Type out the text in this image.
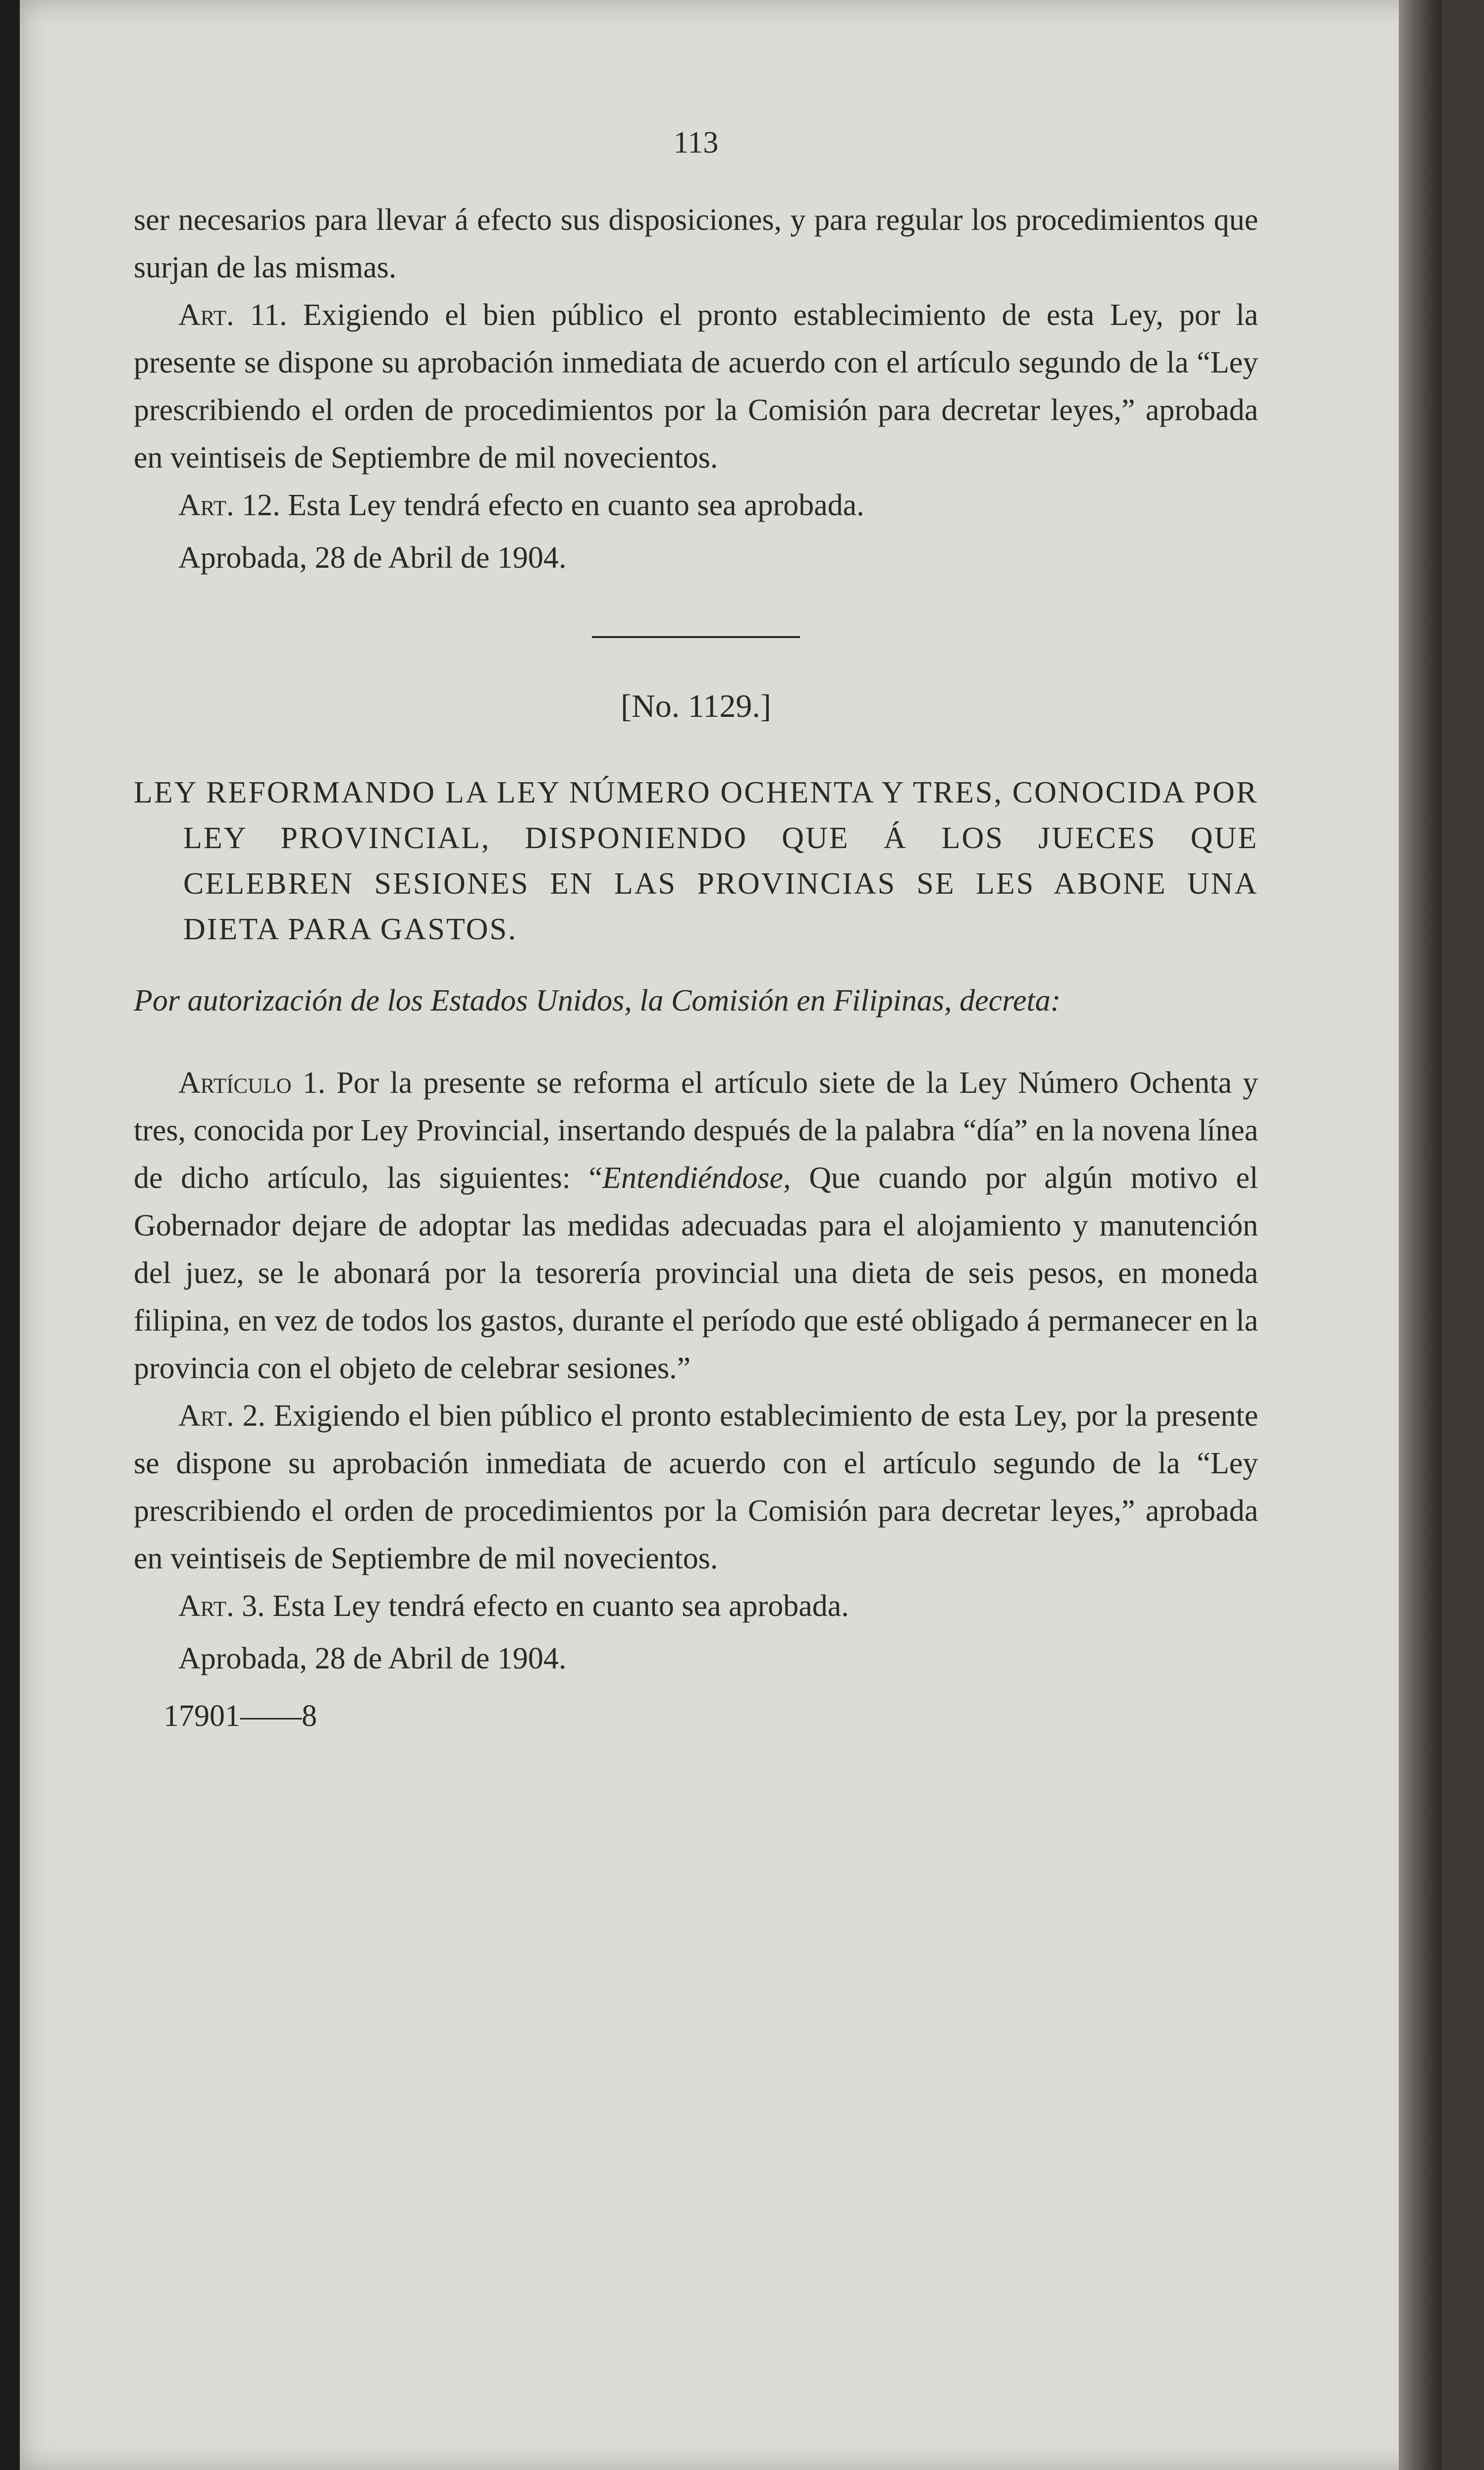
113

ser necesarios para llevar á efecto sus disposiciones, y para regular los procedimientos que surjan de las mismas.

Art. 11. Exigiendo el bien público el pronto establecimiento de esta Ley, por la presente se dispone su aprobación inmediata de acuerdo con el artículo segundo de la “Ley prescribiendo el orden de procedimientos por la Comisión para decretar leyes,” aprobada en veintiseis de Septiembre de mil novecientos.

Art. 12. Esta Ley tendrá efecto en cuanto sea aprobada.

Aprobada, 28 de Abril de 1904.

[No. 1129.]

LEY REFORMANDO LA LEY NÚMERO OCHENTA Y TRES, CONOCIDA POR LEY PROVINCIAL, DISPONIENDO QUE Á LOS JUECES QUE CELEBREN SESIONES EN LAS PROVINCIAS SE LES ABONE UNA DIETA PARA GASTOS.

Por autorización de los Estados Unidos, la Comisión en Filipinas, decreta:

Artículo 1. Por la presente se reforma el artículo siete de la Ley Número Ochenta y tres, conocida por Ley Provincial, insertando después de la palabra “día” en la novena línea de dicho artículo, las siguientes: “Entendiéndose, Que cuando por algún motivo el Gobernador dejare de adoptar las medidas adecuadas para el alojamiento y manutención del juez, se le abonará por la tesorería provincial una dieta de seis pesos, en moneda filipina, en vez de todos los gastos, durante el período que esté obligado á permanecer en la provincia con el objeto de celebrar sesiones.”

Art. 2. Exigiendo el bien público el pronto establecimiento de esta Ley, por la presente se dispone su aprobación inmediata de acuerdo con el artículo segundo de la “Ley prescribiendo el orden de procedimientos por la Comisión para decretar leyes,” aprobada en veintiseis de Septiembre de mil novecientos.

Art. 3. Esta Ley tendrá efecto en cuanto sea aprobada.

Aprobada, 28 de Abril de 1904.

17901——8
